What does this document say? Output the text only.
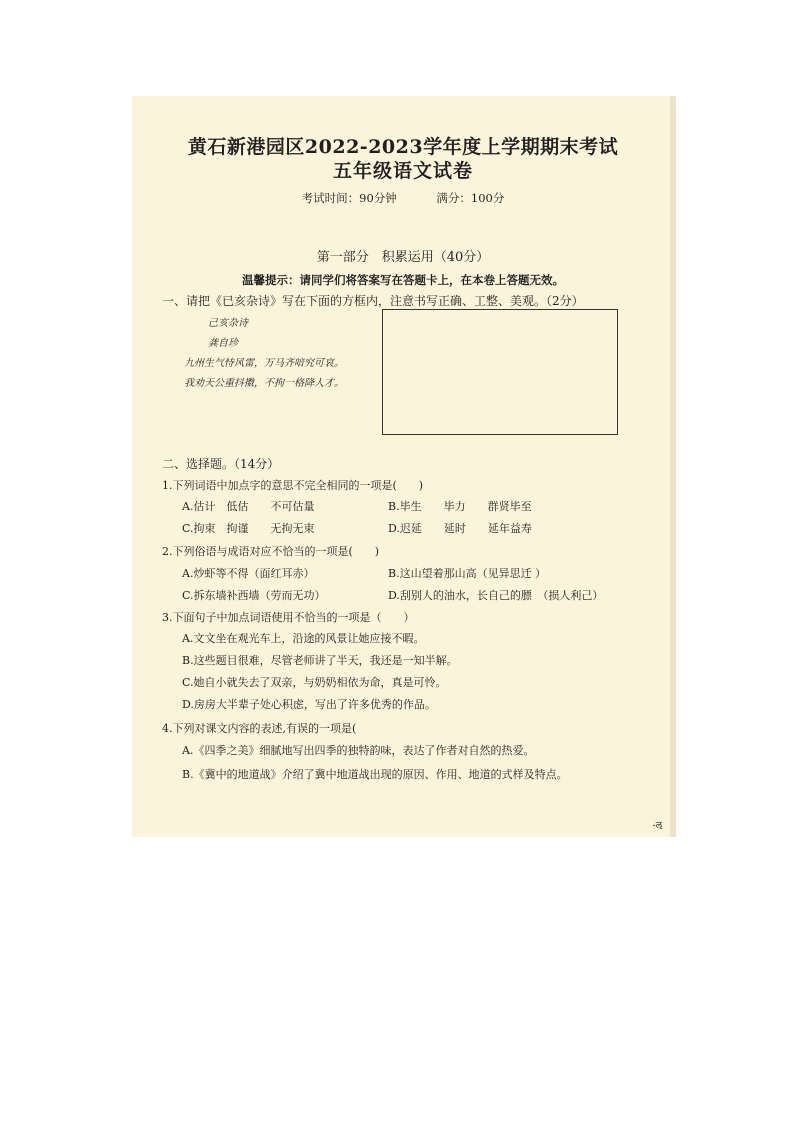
黄石新港园区2022-2023学年度上学期期末考试
五年级语文试卷
考试时间：90分钟	满分：100分
第一部分　积累运用（40分）
温馨提示：请同学们将答案写在答题卡上，在本卷上答题无效。
一、请把《已亥杂诗》写在下面的方框内，注意书写正确、工整、美观。（2分）
己亥杂诗
龚自珍
九州生气恃风雷，万马齐喑究可哀。
我劝天公重抖擞，不拘一格降人才。
二、选择题。（14分）
1.下列词语中加点字的意思不完全相同的一项是(　　)
A.估计　低估　　不可估量	B.毕生　　毕力　　群贤毕至
C.拘束　拘谨　　无拘无束	D.迟延　　延时　　延年益寿
2.下列俗语与成语对应不恰当的一项是(　　)
A.炒虾等不得（面红耳赤）	B.这山望着那山高（见异思迁 ）
C.拆东墙补西墙（劳而无功）	D.刮别人的油水，长自己的膘　（损人利己）
3.下面句子中加点词语使用不恰当的一项是（　　）
A.文文坐在观光车上，沿途的风景让她应接不暇。
B.这些题目很难，尽管老师讲了半天，我还是一知半解。
C.她自小就失去了双亲，与奶奶相依为命，真是可怜。
D.房房大半辈子处心积虑，写出了许多优秀的作品。
4.下列对课文内容的表述,有误的一项是(
A.《四季之美》细腻地写出四季的独特韵味，表达了作者对自然的热爱。
B.《冀中的地道战》介绍了冀中地道战出现的原因、作用、地道的式样及特点。
-ऌ
